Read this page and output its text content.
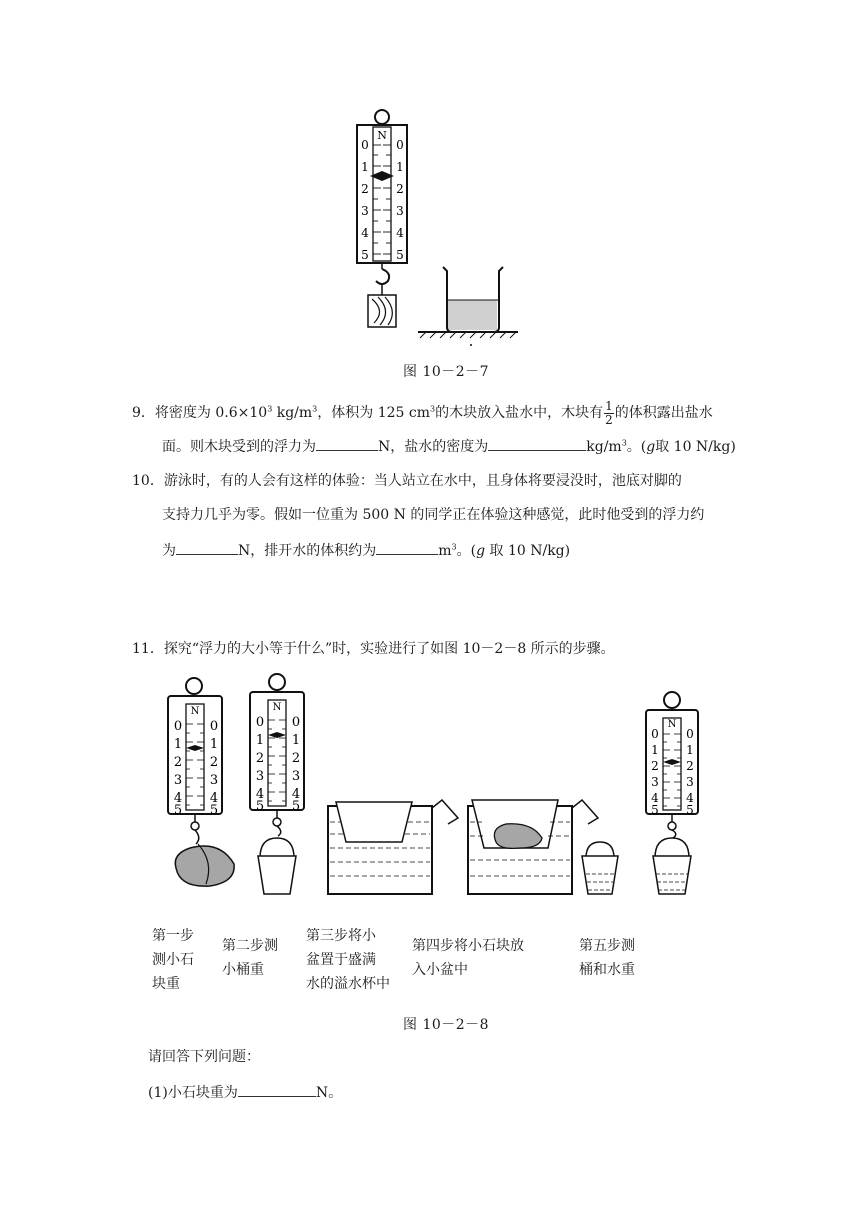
N
0
1
2
3
4
5
0
1
2
3
4
5
图 10－2－7
9．将密度为 $0.6\times 10^3$ $kg/m^3$，体积为 125 $cm^3$的木块放入盐水中，木块有 $\frac{1}{2}$ 的体积露出盐水
面。则木块受到的浮力为	N，盐水的密度为	$kg/m^3$。(g取 10 N/kg)
10．游泳时，有的人会有这样的体验：当人站立在水中，且身体将要浸没时，池底对脚的
支持力几乎为零。假如一位重为 500 N 的同学正在体验这种感觉，此时他受到的浮力约
为	N，排开水的体积约为	$m^3$。(g 取 10 N/kg)
11．探究“浮力的大小等于什么”时，实验进行了如图 10－2－8 所示的步骤。
N
0
1
2
3
4
5
0
1
2
3
4
5
N
0
1
2
3
4
5
0
1
2
3
4
5
N
0
1
2
3
4
5
0
1
2
3
4
5
第一步
测小石
块重
第二步测
小桶重
第三步将小
盆置于盛满
水的溢水杯中
第四步将小石块放
入小盆中
第五步测
桶和水重
图 10－2－8
请回答下列问题：
(1)小石块重为	N。
